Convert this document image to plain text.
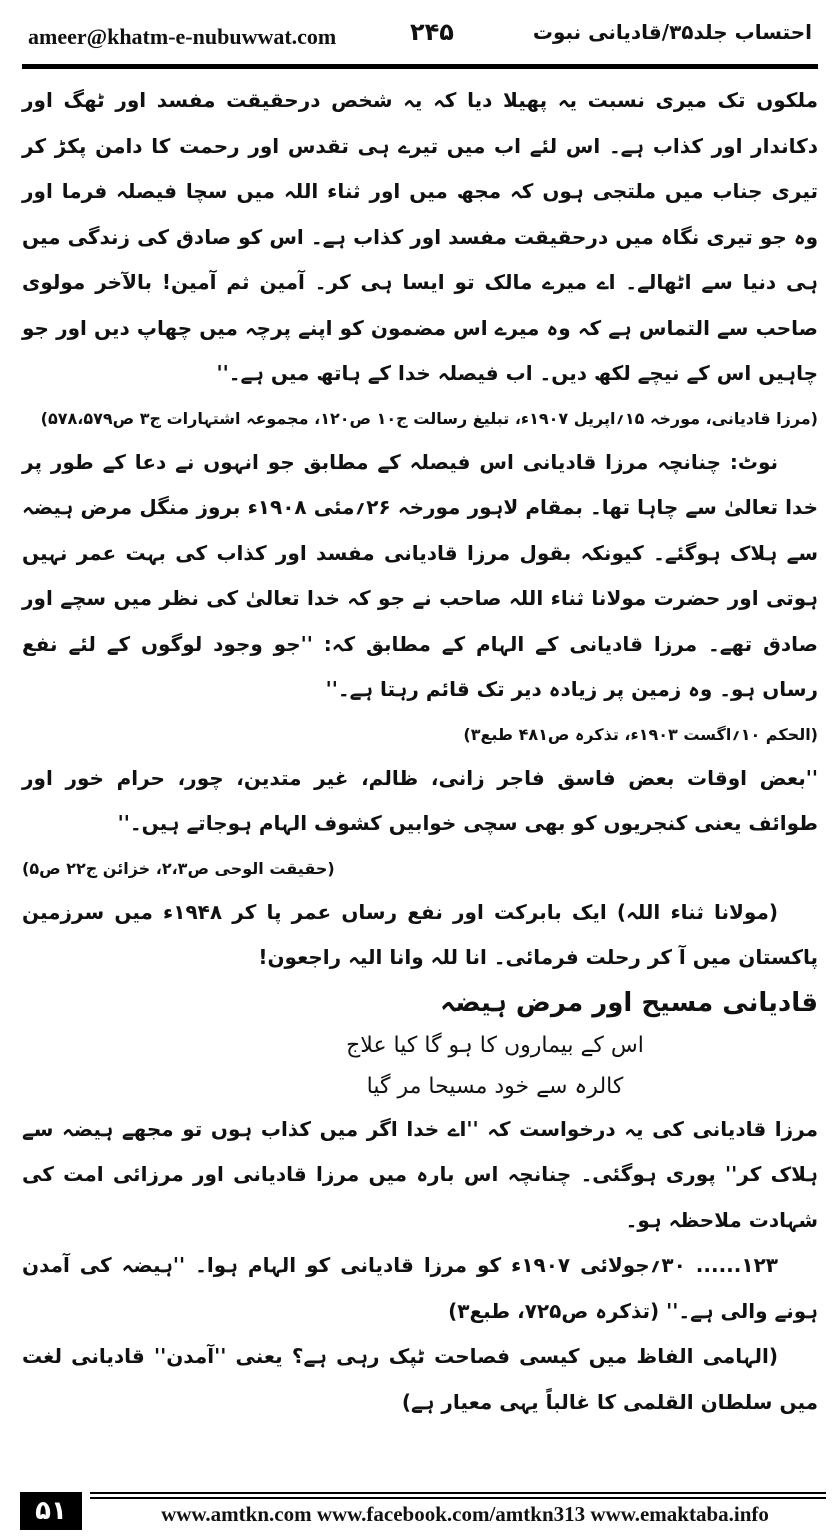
ameer@khatm-e-nubuwwat.com	۲۴۵	احتساب جلد۳۵/قادیانی نبوت

ملکوں تک میری نسبت یہ پھیلا دیا کہ یہ شخص درحقیقت مفسد اور ٹھگ اور دکاندار اور کذاب ہے۔ اس لئے اب میں تیرے ہی تقدس اور رحمت کا دامن پکڑ کر تیری جناب میں ملتجی ہوں کہ مجھ میں اور ثناء اللہ میں سچا فیصلہ فرما اور وہ جو تیری نگاہ میں درحقیقت مفسد اور کذاب ہے۔ اس کو صادق کی زندگی میں ہی دنیا سے اٹھالے۔ اے میرے مالک تو ایسا ہی کر۔ آمین ثم آمین! بالآخر مولوی صاحب سے التماس ہے کہ وہ میرے اس مضمون کو اپنے پرچہ میں چھاپ دیں اور جو چاہیں اس کے نیچے لکھ دیں۔ اب فیصلہ خدا کے ہاتھ میں ہے۔''

(مرزا قادیانی، مورخہ ۱۵؍اپریل ۱۹۰۷ء، تبلیغ رسالت ج۱۰ ص۱۲۰، مجموعہ اشتہارات ج۳ ص۵۷۸،۵۷۹)

نوٹ: چنانچہ مرزا قادیانی اس فیصلہ کے مطابق جو انہوں نے دعا کے طور پر خدا تعالیٰ سے چاہا تھا۔ بمقام لاہور مورخہ ۲۶؍مئی ۱۹۰۸ء بروز منگل مرض ہیضہ سے ہلاک ہوگئے۔ کیونکہ بقول مرزا قادیانی مفسد اور کذاب کی بہت عمر نہیں ہوتی اور حضرت مولانا ثناء اللہ صاحب نے جو کہ خدا تعالیٰ کی نظر میں سچے اور صادق تھے۔ مرزا قادیانی کے الہام کے مطابق کہ: ''جو وجود لوگوں کے لئے نفع رساں ہو۔ وہ زمین پر زیادہ دیر تک قائم رہتا ہے۔''

(الحکم ۱۰؍اگست ۱۹۰۳ء، تذکرہ ص۴۸۱ طبع۳)

''بعض اوقات بعض فاسق فاجر زانی، ظالم، غیر متدین، چور، حرام خور اور طوائف یعنی کنجریوں کو بھی سچی خوابیں کشوف الہام ہوجاتے ہیں۔''

(حقیقت الوحی ص۲،۳، خزائن ج۲۲ ص۵)

(مولانا ثناء اللہ) ایک بابرکت اور نفع رساں عمر پا کر ۱۹۴۸ء میں سرزمین پاکستان میں آ کر رحلت فرمائی۔ انا للہ وانا الیہ راجعون!

قادیانی مسیح اور مرض ہیضہ

اس کے بیماروں کا ہو گا کیا علاج

کالرہ سے خود مسیحا مر گیا

مرزا قادیانی کی یہ درخواست کہ ''اے خدا اگر میں کذاب ہوں تو مجھے ہیضہ سے ہلاک کر'' پوری ہوگئی۔ چنانچہ اس بارہ میں مرزا قادیانی اور مرزائی امت کی شہادت ملاحظہ ہو۔

۱۲۳...... ۳۰؍جولائی ۱۹۰۷ء کو مرزا قادیانی کو الہام ہوا۔ ''ہیضہ کی آمدن ہونے والی ہے۔'' (تذکرہ ص۷۲۵، طبع۳)

(الہامی الفاظ میں کیسی فصاحت ٹپک رہی ہے؟ یعنی ''آمدن'' قادیانی لغت میں سلطان القلمی کا غالباً یہی معیار ہے)

۵۱	www.amtkn.com www.facebook.com/amtkn313 www.emaktaba.info
